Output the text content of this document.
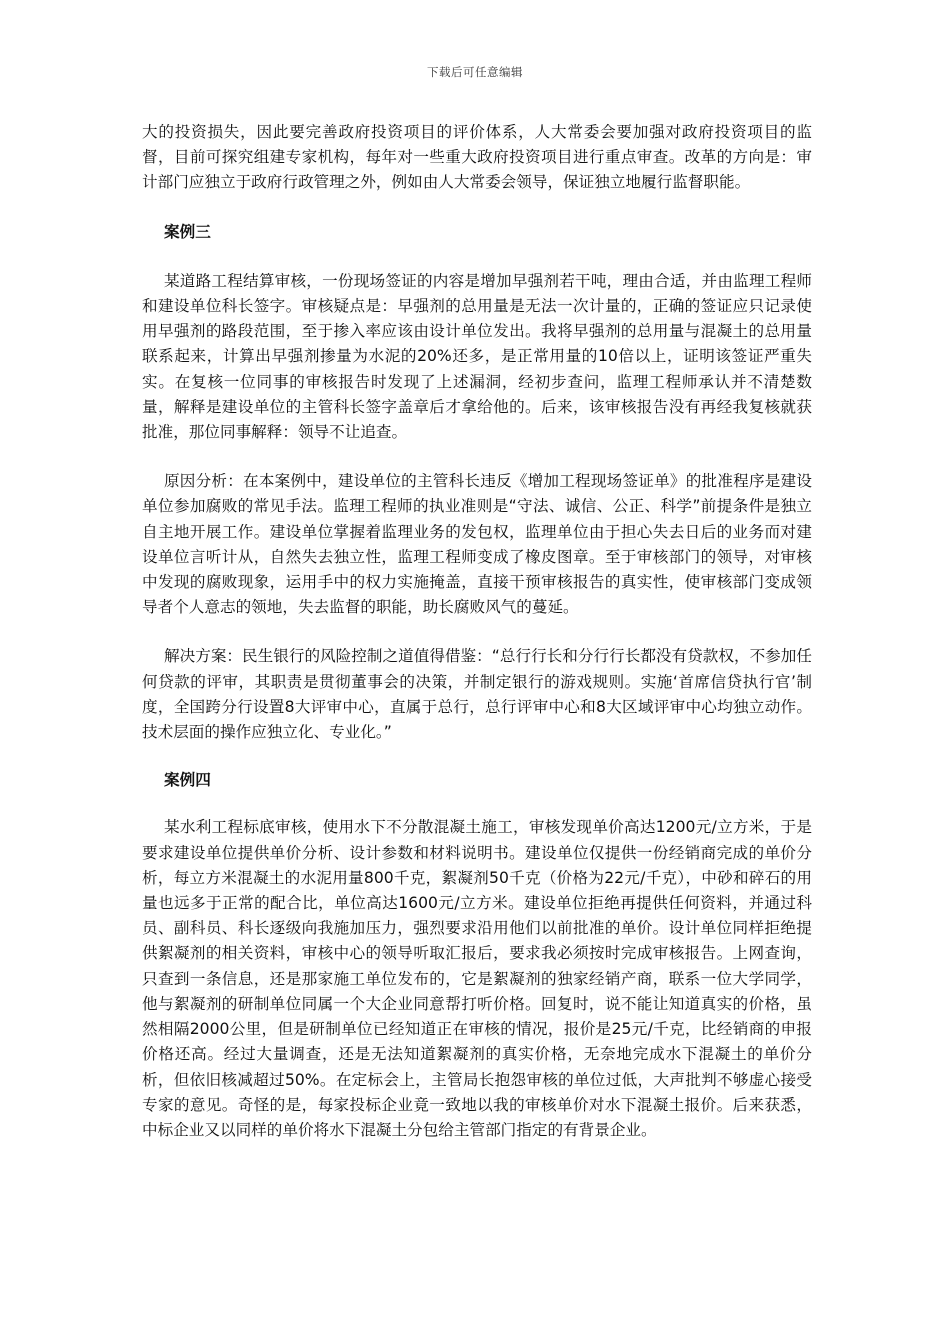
下载后可任意编辑

大的投资损失，因此要完善政府投资项目的评价体系，人大常委会要加强对政府投资项目的监督，目前可探究组建专家机构，每年对一些重大政府投资项目进行重点审查。改革的方向是：审计部门应独立于政府行政管理之外，例如由人大常委会领导，保证独立地履行监督职能。

案例三

某道路工程结算审核，一份现场签证的内容是增加早强剂若干吨，理由合适，并由监理工程师和建设单位科长签字。审核疑点是：早强剂的总用量是无法一次计量的，正确的签证应只记录使用早强剂的路段范围，至于掺入率应该由设计单位发出。我将早强剂的总用量与混凝土的总用量联系起来，计算出早强剂掺量为水泥的20%还多，是正常用量的10倍以上，证明该签证严重失实。在复核一位同事的审核报告时发现了上述漏洞，经初步查问，监理工程师承认并不清楚数量，解释是建设单位的主管科长签字盖章后才拿给他的。后来，该审核报告没有再经我复核就获批准，那位同事解释：领导不让追查。

原因分析：在本案例中，建设单位的主管科长违反《增加工程现场签证单》的批准程序是建设单位参加腐败的常见手法。监理工程师的执业准则是“守法、诚信、公正、科学”前提条件是独立自主地开展工作。建设单位掌握着监理业务的发包权，监理单位由于担心失去日后的业务而对建设单位言听计从，自然失去独立性，监理工程师变成了橡皮图章。至于审核部门的领导，对审核中发现的腐败现象，运用手中的权力实施掩盖，直接干预审核报告的真实性，使审核部门变成领导者个人意志的领地，失去监督的职能，助长腐败风气的蔓延。

解决方案：民生银行的风险控制之道值得借鉴：“总行行长和分行行长都没有贷款权，不参加任何贷款的评审，其职责是贯彻董事会的决策，并制定银行的游戏规则。实施‘首席信贷执行官’制度，全国跨分行设置8大评审中心，直属于总行，总行评审中心和8大区域评审中心均独立动作。技术层面的操作应独立化、专业化。”

案例四

某水利工程标底审核，使用水下不分散混凝土施工，审核发现单价高达1200元/立方米，于是要求建设单位提供单价分析、设计参数和材料说明书。建设单位仅提供一份经销商完成的单价分析，每立方米混凝土的水泥用量800千克，絮凝剂50千克（价格为22元/千克），中砂和碎石的用量也远多于正常的配合比，单位高达1600元/立方米。建设单位拒绝再提供任何资料，并通过科员、副科员、科长逐级向我施加压力，强烈要求沿用他们以前批准的单价。设计单位同样拒绝提供絮凝剂的相关资料，审核中心的领导听取汇报后，要求我必须按时完成审核报告。上网查询，只查到一条信息，还是那家施工单位发布的，它是絮凝剂的独家经销产商，联系一位大学同学，他与絮凝剂的研制单位同属一个大企业同意帮打听价格。回复时，说不能让知道真实的价格，虽然相隔2000公里，但是研制单位已经知道正在审核的情况，报价是25元/千克，比经销商的申报价格还高。经过大量调查，还是无法知道絮凝剂的真实价格，无奈地完成水下混凝土的单价分析，但依旧核减超过50%。在定标会上，主管局长抱怨审核的单位过低，大声批判不够虚心接受专家的意见。奇怪的是，每家投标企业竟一致地以我的审核单价对水下混凝土报价。后来获悉，中标企业又以同样的单价将水下混凝土分包给主管部门指定的有背景企业。
